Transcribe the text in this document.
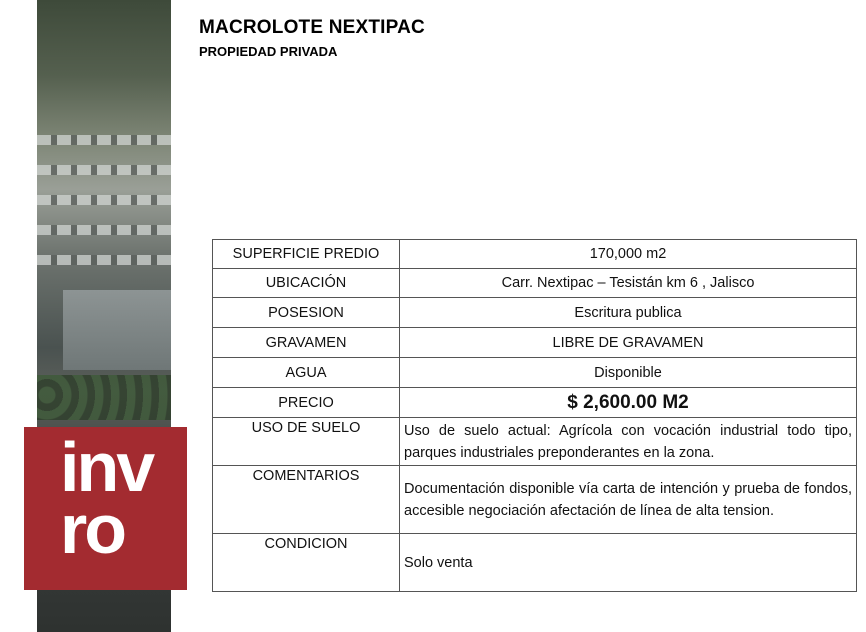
inv
ro
MACROLOTE NEXTIPAC
PROPIEDAD PRIVADA
SUPERFICIE PREDIO	170,000 m2
UBICACIÓN	Carr. Nextipac – Tesistán km 6 , Jalisco
POSESION	Escritura publica
GRAVAMEN	LIBRE DE GRAVAMEN
AGUA	Disponible
PRECIO	$ 2,600.00 M2
USO DE SUELO	Uso de suelo actual: Agrícola con vocación industrial todo tipo, parques industriales preponderantes en la zona.
COMENTARIOS	Documentación disponible vía carta de intención y prueba de fondos, accesible negociación afectación de línea de alta tension.
CONDICION	Solo venta
